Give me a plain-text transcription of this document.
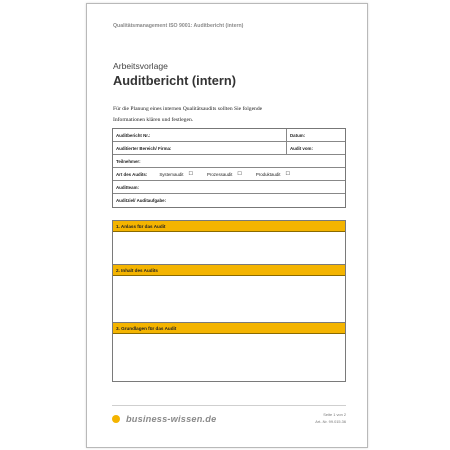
Qualitätsmanagement ISO 9001: Auditbericht (intern)
Arbeitsvorlage
Auditbericht (intern)
Für die Planung eines internen Qualitätsaudits sollten Sie folgende
Informationen klären und festlegen.
Auditbericht Nr.:	Datum:
Auditierter Bereich/ Firma:	Audit vom:
Teilnehmer:
Art des Audits:	Systemaudit ☐	Prozessaudit ☐	Produktaudit ☐
Auditteam:
Auditziel/ Auditaufgabe:
1. Anlass für das Audit
2. Inhalt des Audits
3. Grundlagen für das Audit
business-wissen.de	Seite 1 von 2
Art.-Nr. 99.015.36
